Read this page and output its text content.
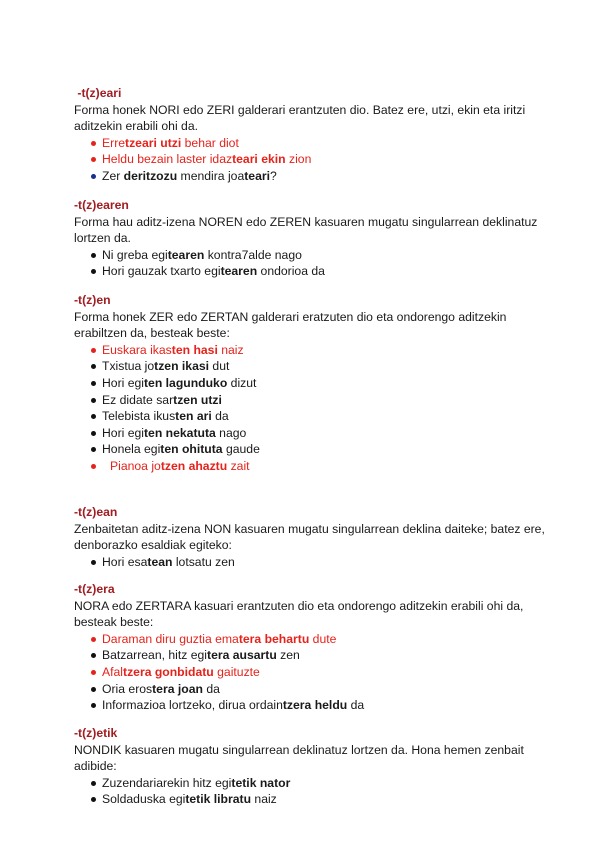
-t(z)eari
Forma honek NORI edo ZERI galderari erantzuten dio. Batez ere, utzi, ekin eta iritzi aditzekin erabili ohi da.
Erretzeari utzi behar diot
Heldu bezain laster idazteari ekin zion
Zer deritzozu mendira joateari?
-t(z)earen
Forma hau aditz-izena NOREN edo ZEREN kasuaren mugatu singularrean deklinatuz lortzen da.
Ni greba egitearen kontra7alde nago
Hori gauzak txarto egitearen ondorioa da
-t(z)en
Forma honek ZER edo ZERTAN galderari eratzuten dio eta ondorengo aditzekin erabiltzen da, besteak beste:
Euskara ikasten hasi naiz
Txistua jotzen ikasi dut
Hori egiten lagunduko dizut
Ez didate sartzen utzi
Telebista ikusten ari da
Hori egiten nekatuta nago
Honela egiten ohituta gaude
Pianoa jotzen ahaztu zait
-t(z)ean
Zenbaitetan aditz-izena NON kasuaren mugatu singularrean deklina daiteke; batez ere, denborazko esaldiak egiteko:
Hori esatean lotsatu zen
-t(z)era
NORA edo ZERTARA kasuari erantzuten dio eta ondorengo aditzekin erabili ohi da, besteak beste:
Daraman diru guztia ematera behartu dute
Batzarrean, hitz egitera ausartu zen
Afaltzera gonbidatu gaituzte
Oria erostera joan da
Informazioa lortzeko, dirua ordaintzera heldu da
-t(z)etik
NONDIK kasuaren mugatu singularrean deklinatuz lortzen da. Hona hemen zenbait adibide:
Zuzendariarekin hitz egitetik nator
Soldaduska egitetik libratu naiz
